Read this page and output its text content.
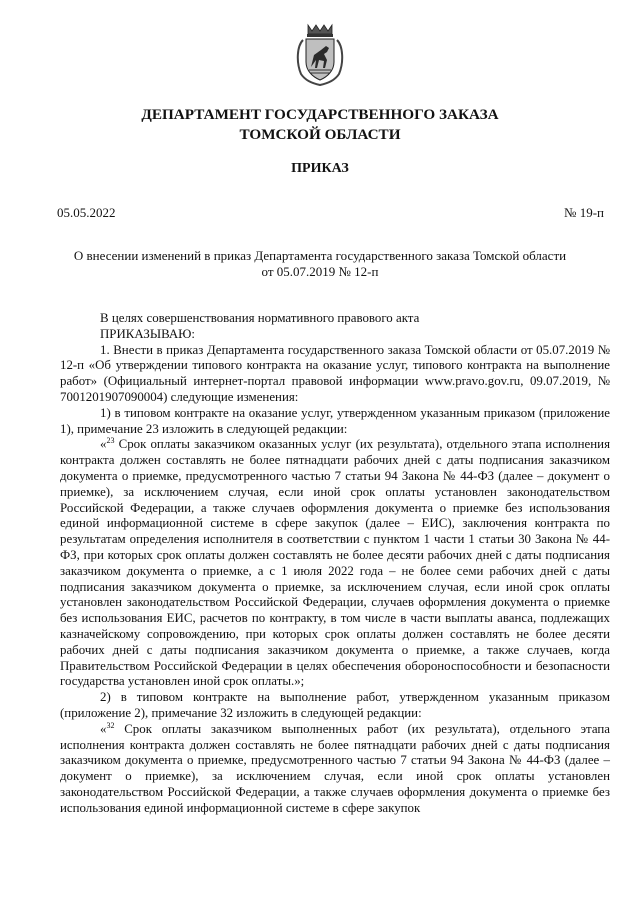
ДЕПАРТАМЕНТ ГОСУДАРСТВЕННОГО ЗАКАЗА
ТОМСКОЙ ОБЛАСТИ
ПРИКАЗ
05.05.2022	№ 19-п
О внесении изменений в приказ Департамента государственного заказа Томской области
от 05.07.2019 № 12-п

В целях совершенствования нормативного правового акта

ПРИКАЗЫВАЮ:

1. Внести в приказ Департамента государственного заказа Томской области от 05.07.2019 № 12-п «Об утверждении типового контракта на оказание услуг, типового контракта на выполнение работ» (Официальный интернет-портал правовой информации www.pravo.gov.ru, 09.07.2019, № 7001201907090004) следующие изменения:

1) в типовом контракте на оказание услуг, утвержденном указанным приказом (приложение 1), примечание 23 изложить в следующей редакции:

«$^{23}$ Срок оплаты заказчиком оказанных услуг (их результата), отдельного этапа исполнения контракта должен составлять не более пятнадцати рабочих дней с даты подписания заказчиком документа о приемке, предусмотренного частью 7 статьи 94 Закона № 44-ФЗ (далее – документ о приемке), за исключением случая, если иной срок оплаты установлен законодательством Российской Федерации, а также случаев оформления документа о приемке без использования единой информационной системе в сфере закупок (далее – ЕИС), заключения контракта по результатам определения исполнителя в соответствии с пунктом 1 части 1 статьи 30 Закона № 44-ФЗ, при которых срок оплаты должен составлять не более десяти рабочих дней с даты подписания заказчиком документа о приемке, а с 1 июля 2022 года – не более семи рабочих дней с даты подписания заказчиком документа о приемке, за исключением случая, если иной срок оплаты установлен законодательством Российской Федерации, случаев оформления документа о приемке без использования ЕИС, расчетов по контракту, в том числе в части выплаты аванса, подлежащих казначейскому сопровождению, при которых срок оплаты должен составлять не более десяти рабочих дней с даты подписания заказчиком документа о приемке, а также случаев, когда Правительством Российской Федерации в целях обеспечения обороноспособности и безопасности государства установлен иной срок оплаты.»;

2) в типовом контракте на выполнение работ, утвержденном указанным приказом (приложение 2), примечание 32 изложить в следующей редакции:

«$^{32}$ Срок оплаты заказчиком выполненных работ (их результата), отдельного этапа исполнения контракта должен составлять не более пятнадцати рабочих дней с даты подписания заказчиком документа о приемке, предусмотренного частью 7 статьи 94 Закона № 44-ФЗ (далее – документ о приемке), за исключением случая, если иной срок оплаты установлен законодательством Российской Федерации, а также случаев оформления документа о приемке без использования единой информационной системе в сфере закупок
